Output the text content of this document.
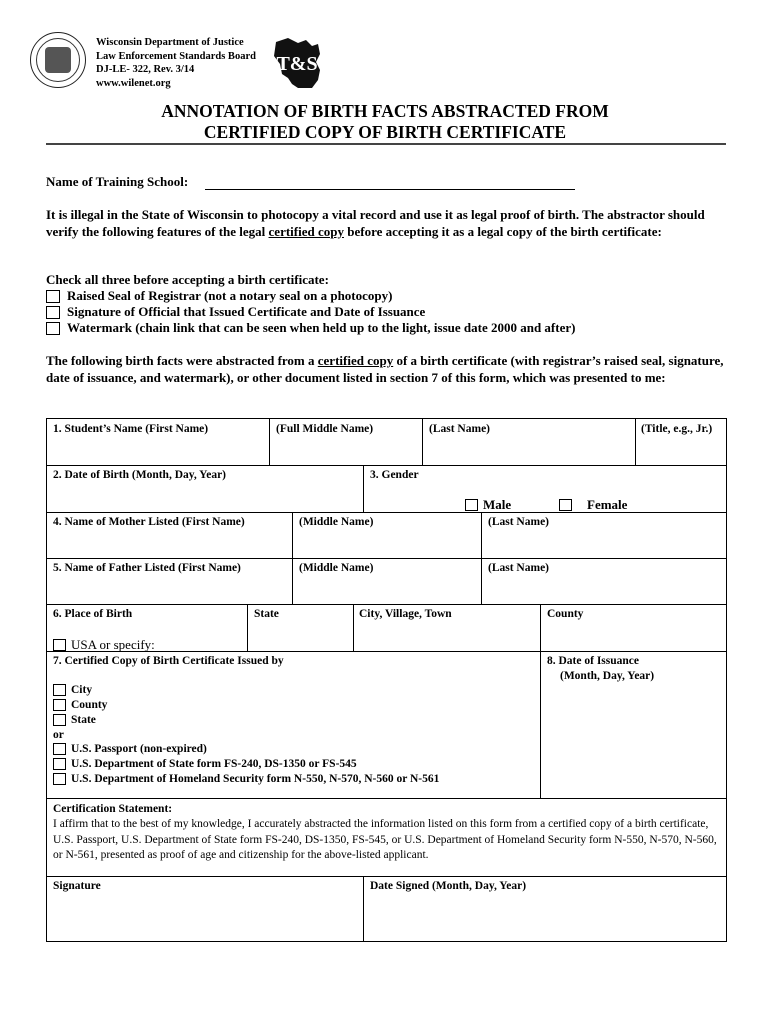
Wisconsin Department of Justice
Law Enforcement Standards Board
DJ-LE- 322, Rev. 3/14
www.wilenet.org
T&S
ANNOTATION OF BIRTH FACTS ABSTRACTED FROM
CERTIFIED COPY OF BIRTH CERTIFICATE
Name of Training School:
It is illegal in the State of Wisconsin to photocopy a vital record and use it as legal proof of birth. The abstractor should verify the following features of the legal certified copy before accepting it as a legal copy of the birth certificate:
Check all three before accepting a birth certificate:
Raised Seal of Registrar (not a notary seal on a photocopy)
Signature of Official that Issued Certificate and Date of Issuance
Watermark (chain link that can be seen when held up to the light, issue date 2000 and after)
The following birth facts were abstracted from a certified copy of a birth certificate (with registrar’s raised seal, signature, date of issuance, and watermark), or other document listed in section 7 of this form, which was presented to me:
1. Student’s Name (First Name)	(Full Middle Name)	(Last Name)	(Title, e.g., Jr.)
2. Date of Birth (Month, Day, Year)	3. Gender
Male	Female
4. Name of Mother Listed (First Name)	(Middle Name)	(Last Name)
5. Name of Father Listed (First Name)	(Middle Name)	(Last Name)
6. Place of Birth	State	City, Village, Town	County
USA or specify:
7. Certified Copy of Birth Certificate Issued by	8. Date of Issuance
(Month, Day, Year)
City
County
State
or
U.S. Passport (non-expired)
U.S. Department of State form FS-240, DS-1350 or FS-545
U.S. Department of Homeland Security form N-550, N-570, N-560 or N-561
Certification Statement:
I affirm that to the best of my knowledge, I accurately abstracted the information listed on this form from a certified copy of a birth certificate, U.S. Passport, U.S. Department of State form FS-240, DS-1350, FS-545, or U.S. Department of Homeland Security form N-550, N-570, N-560, or N-561, presented as proof of age and citizenship for the above-listed applicant.
Signature	Date Signed (Month, Day, Year)
